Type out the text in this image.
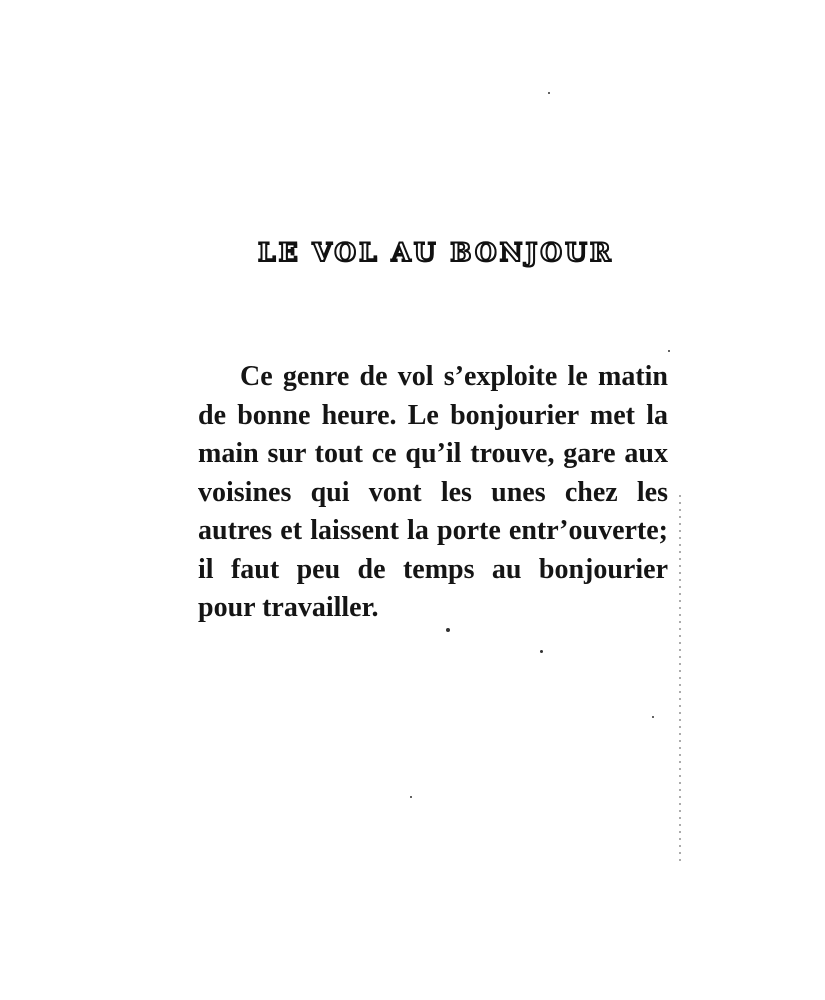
LE VOL AU BONJOUR
Ce genre de vol s’exploite le matin
de bonne heure. Le bonjourier met la
main sur tout ce qu’il trouve, gare aux
voisines qui vont les unes chez les
autres et laissent la porte entr’ouverte;
il faut peu de temps au bonjourier
pour travailler.
